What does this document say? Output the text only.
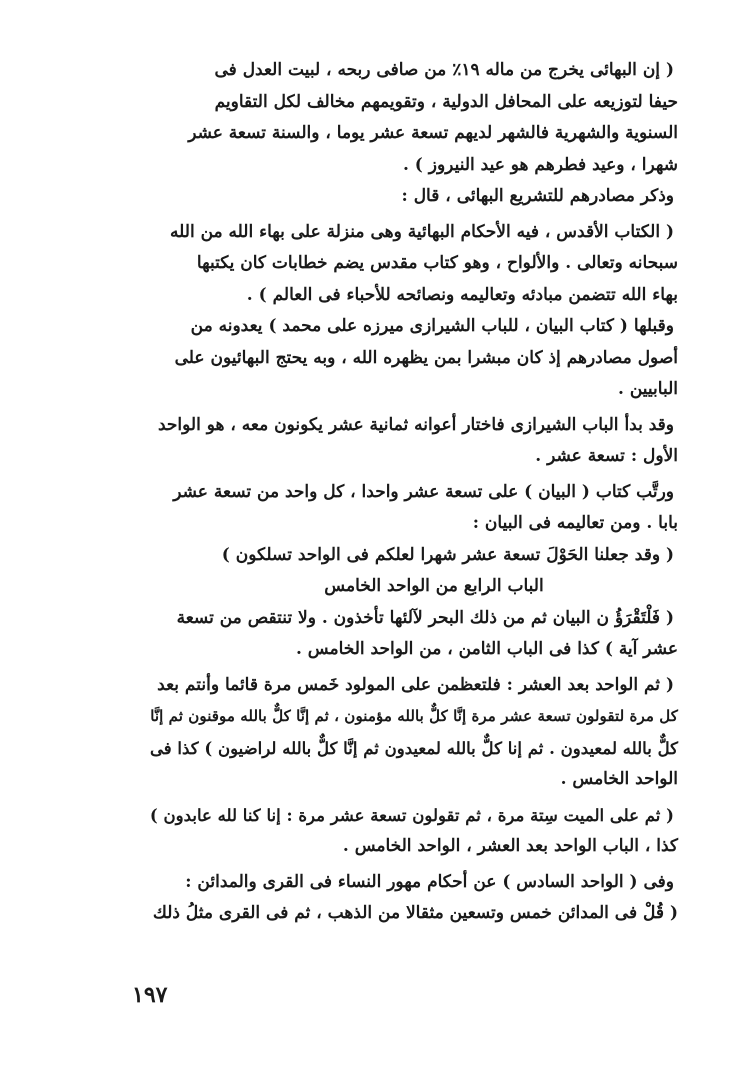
( إن البهائى يخرج من ماله ١٩٪ من صافى ربحه ، لبيت العدل فى
حيفا لتوزيعه على المحافل الدولية ، وتقويمهم مخالف لكل التقاويم
السنوية والشهرية فالشهر لديهم تسعة عشر يوما ، والسنة تسعة عشر
شهرا ، وعيد فطرهم هو عيد النيروز ) .
وذكر مصادرهم للتشريع البهائى ، قال :
( الكتاب الأقدس ، فيه الأحكام البهائية وهى منزلة على بهاء الله من الله
سبحانه وتعالى . والألواح ، وهو كتاب مقدس يضم خطابات كان يكتبها
بهاء الله تتضمن مبادئه وتعاليمه ونصائحه للأحباء فى العالم ) .
وقبلها ( كتاب البيان ، للباب الشيرازى ميرزه على محمد ) يعدونه من
أصول مصادرهم إذ كان مبشرا بمن يظهره الله ، وبه يحتج البهائيون على
البابيين .
وقد بدأ الباب الشيرازى فاختار أعوانه ثمانية عشر يكونون معه ، هو الواحد
الأول : تسعة عشر .
ورتَّب كتاب ( البيان ) على تسعة عشر واحدا ، كل واحد من تسعة عشر
بابا . ومن تعاليمه فى البيان :
( وقد جعلنا الحَوْلَ تسعة عشر شهرا لعلكم فى الواحد تسلكون )
الباب الرابع من الواحد الخامس
( فَلْتَقْرَؤُ ن البيان ثم من ذلك البحر لآلئها تأخذون . ولا تنتقص من تسعة
عشر آية ) كذا فى الباب الثامن ، من الواحد الخامس .
( ثم الواحد بعد العشر : فلتعظمن على المولود خَمس مرة قائما وأنتم بعد
كل مرة لتقولون تسعة عشر مرة إنَّا كلٌّ بالله مؤمنون ، ثم إنَّا كلٌّ بالله موقنون ثم إنَّا
كلٌّ بالله لمعيدون . ثم إنا كلٌّ بالله لمعيدون ثم إنَّا كلٌّ بالله لراضيون ) كذا فى
الواحد الخامس .
( ثم على الميت سِتة مرة ، ثم تقولون تسعة عشر مرة : إنا كنا لله عابدون )
كذا ، الباب الواحد بعد العشر ، الواحد الخامس .
وفى ( الواحد السادس ) عن أحكام مهور النساء فى القرى والمدائن :
( قُلْ فى المدائن خمس وتسعين مثقالا من الذهب ، ثم فى القرى مثلُ ذلك
١٩٧
